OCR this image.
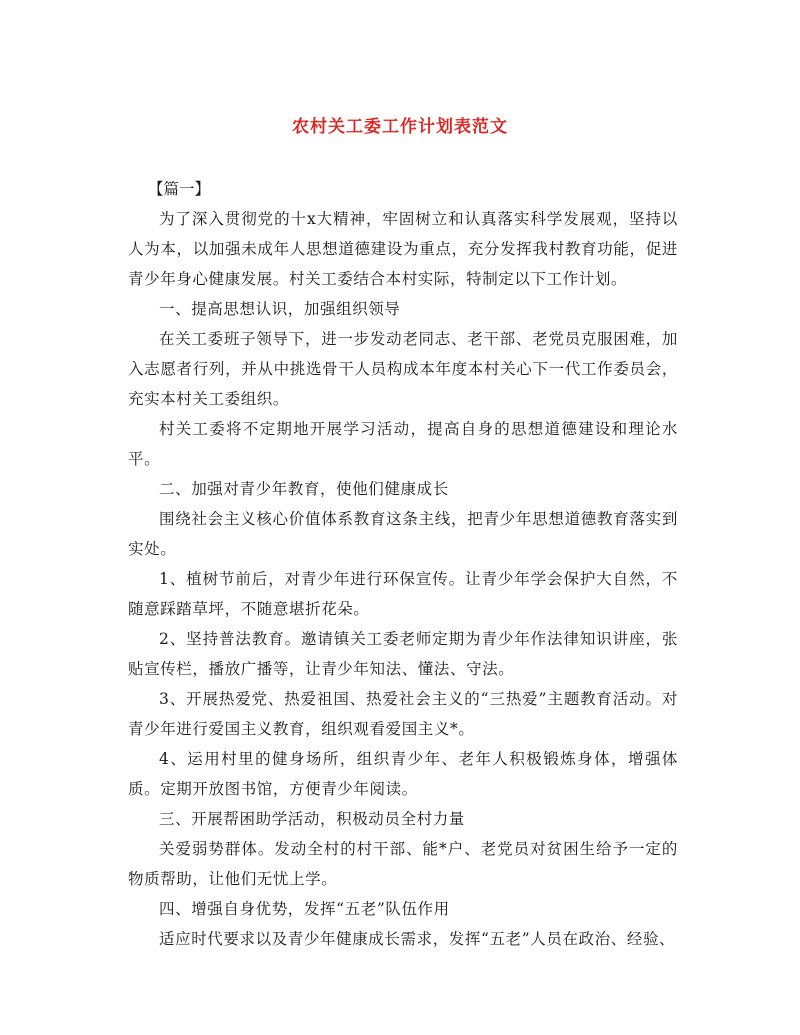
农村关工委工作计划表范文
【篇一】

为了深入贯彻党的十x大精神，牢固树立和认真落实科学发展观，坚持以人为本，以加强未成年人思想道德建设为重点，充分发挥我村教育功能，促进青少年身心健康发展。村关工委结合本村实际，特制定以下工作计划。

一、提高思想认识，加强组织领导

在关工委班子领导下，进一步发动老同志、老干部、老党员克服困难，加入志愿者行列，并从中挑选骨干人员构成本年度本村关心下一代工作委员会，充实本村关工委组织。

村关工委将不定期地开展学习活动，提高自身的思想道德建设和理论水平。

二、加强对青少年教育，使他们健康成长

围绕社会主义核心价值体系教育这条主线，把青少年思想道德教育落实到实处。

1、植树节前后，对青少年进行环保宣传。让青少年学会保护大自然，不随意踩踏草坪，不随意堪折花朵。

2、坚持普法教育。邀请镇关工委老师定期为青少年作法律知识讲座，张贴宣传栏，播放广播等，让青少年知法、懂法、守法。

3、开展热爱党、热爱祖国、热爱社会主义的“三热爱”主题教育活动。对青少年进行爱国主义教育，组织观看爱国主义*。

4、运用村里的健身场所，组织青少年、老年人积极锻炼身体，增强体质。定期开放图书馆，方便青少年阅读。

三、开展帮困助学活动，积极动员全村力量

关爱弱势群体。发动全村的村干部、能*户、老党员对贫困生给予一定的物质帮助，让他们无忧上学。

四、增强自身优势，发挥“五老”队伍作用

适应时代要求以及青少年健康成长需求，发挥“五老”人员在政治、经验、
